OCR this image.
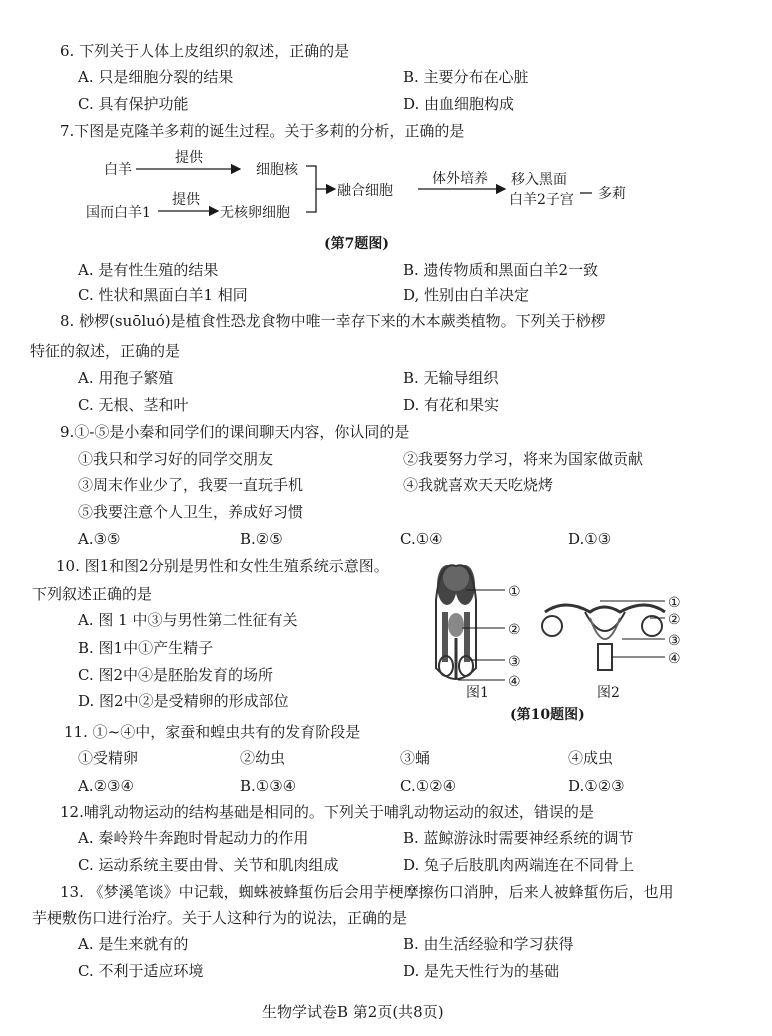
6. 下列关于人体上皮组织的叙述，正确的是
A. 只是细胞分裂的结果	B. 主要分布在心脏
C. 具有保护功能	D. 由血细胞构成
7.下图是克隆羊多莉的诞生过程。关于多莉的分析，正确的是
白羊
提供
细胞核
国而白羊1
提供
无核卵细胞
融合细胞
体外培养 移入黑面
白羊2子宫 多莉
①
②
③
④
图1
①
②
③
④
图2
(第7题图)
A. 是有性生殖的结果	B. 遗传物质和黑面白羊2一致
C. 性状和黑面白羊1 相同	D, 性别由白羊决定
8. 桫椤(suōluó)是植食性恐龙食物中唯一幸存下来的木本蕨类植物。下列关于桫椤
特征的叙述，正确的是
A. 用孢子繁殖	B. 无输导组织
C. 无根、茎和叶	D. 有花和果实
9.①-⑤是小秦和同学们的课间聊天内容，你认同的是
①我只和学习好的同学交朋友	②我要努力学习，将来为国家做贡献
③周末作业少了，我要一直玩手机	④我就喜欢天天吃烧烤
⑤我要注意个人卫生，养成好习惯
A.③⑤	B.②⑤	C.①④	D.①③
10. 图1和图2分别是男性和女性生殖系统示意图。
下列叙述正确的是
A. 图 1 中③与男性第二性征有关
B. 图1中①产生精子
C. 图2中④是胚胎发育的场所
D. 图2中②是受精卵的形成部位
(第10题图)
11. ①~④中，家蚕和蝗虫共有的发育阶段是
①受精卵	②幼虫	③蛹	④成虫
A.②③④	B.①③④	C.①②④	D.①②③
12.哺乳动物运动的结构基础是相同的。下列关于哺乳动物运动的叙述，错误的是
A. 秦岭羚牛奔跑时骨起动力的作用	B. 蓝鲸游泳时需要神经系统的调节
C. 运动系统主要由骨、关节和肌肉组成	D. 兔子后肢肌肉两端连在不同骨上
13. 《梦溪笔谈》中记载，蜘蛛被蜂蜇伤后会用芋梗摩擦伤口消肿，后来人被蜂蜇伤后，也用
芋梗敷伤口进行治疗。关于人这种行为的说法，正确的是
A. 是生来就有的	B. 由生活经验和学习获得
C. 不利于适应环境	D. 是先天性行为的基础
生物学试卷B 第2页(共8页)
